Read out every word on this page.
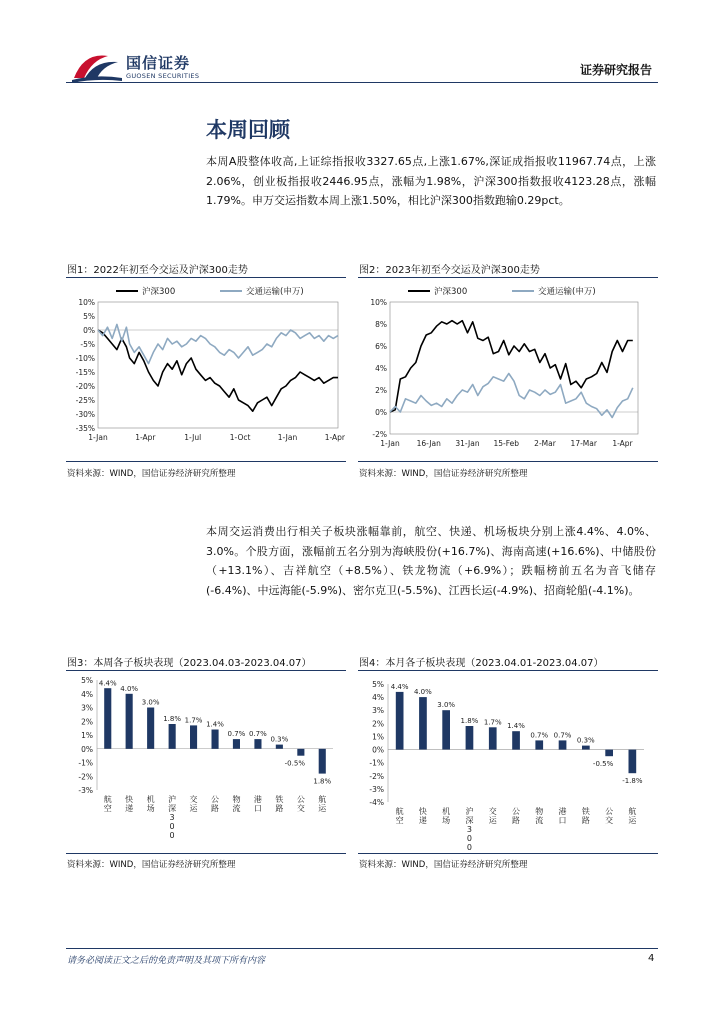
国信证券
GUOSEN SECURITIES	证券研究报告
本周回顾
本周A股整体收高,上证综指报收3327.65点,上涨1.67%,深证成指报收11967.74点，上涨2.06%，创业板指报收2446.95点，涨幅为1.98%，沪深300指数报收4123.28点，涨幅1.79%。申万交运指数本周上涨1.50%，相比沪深300指数跑输0.29pct。
图1：2022年初至今交运及沪深300走势
10%
5%
0%
-5%
-10%
-15%
-20%
-25%
-30%
-35%
1-Jan	1-Apr	1-Jul	1-Oct	1-Jan	1-Apr
沪深300	交通运输(申万)
资料来源：WIND，国信证券经济研究所整理
图2：2023年初至今交运及沪深300走势
10%
8%
6%
4%
2%
0%
-2%
1-Jan 16-Jan 31-Jan 15-Feb 2-Mar 17-Mar 1-Apr
沪深300	交通运输(申万)
资料来源：WIND，国信证券经济研究所整理
本周交运消费出行相关子板块涨幅靠前，航空、快递、机场板块分别上涨4.4%、4.0%、3.0%。个股方面，涨幅前五名分别为海峡股份(+16.7%)、海南高速(+16.6%)、中储股份（+13.1%）、吉祥航空（+8.5%）、铁龙物流（+6.9%）；跌幅榜前五名为音飞储存(-6.4%)、中远海能(-5.9%)、密尔克卫(-5.5%)、江西长运(-4.9%)、招商轮船(-4.1%)。
图3：本周各子板块表现（2023.04.03-2023.04.07）
5%
4%
3%
2%
1%
0%
-1%
-2%
-3%
4.4%
航
空
4.0%
快
递
3.0%
机
场
1.8%
沪
深
3
0
0
1.7%
交
运
1.4%
公
路
0.7%
物
流
0.7%
港
口
0.3%
铁
路
-0.5%
公
交
1.8%
航
运
资料来源：WIND，国信证券经济研究所整理
图4：本月各子板块表现（2023.04.01-2023.04.07）
5%
4%
3%
2%
1%
0%
-1%
-2%
-3%
-4%
4.4%
航
空
4.0%
快
递
3.0%
机
场
1.8%
沪
深
3
0
0
1.7%
交
运
1.4%
公
路
0.7%
物
流
0.7%
港
口
0.3%
铁
路
-0.5%
公
交
-1.8%
航
运
资料来源：WIND，国信证券经济研究所整理
请务必阅读正文之后的免责声明及其项下所有内容	4
